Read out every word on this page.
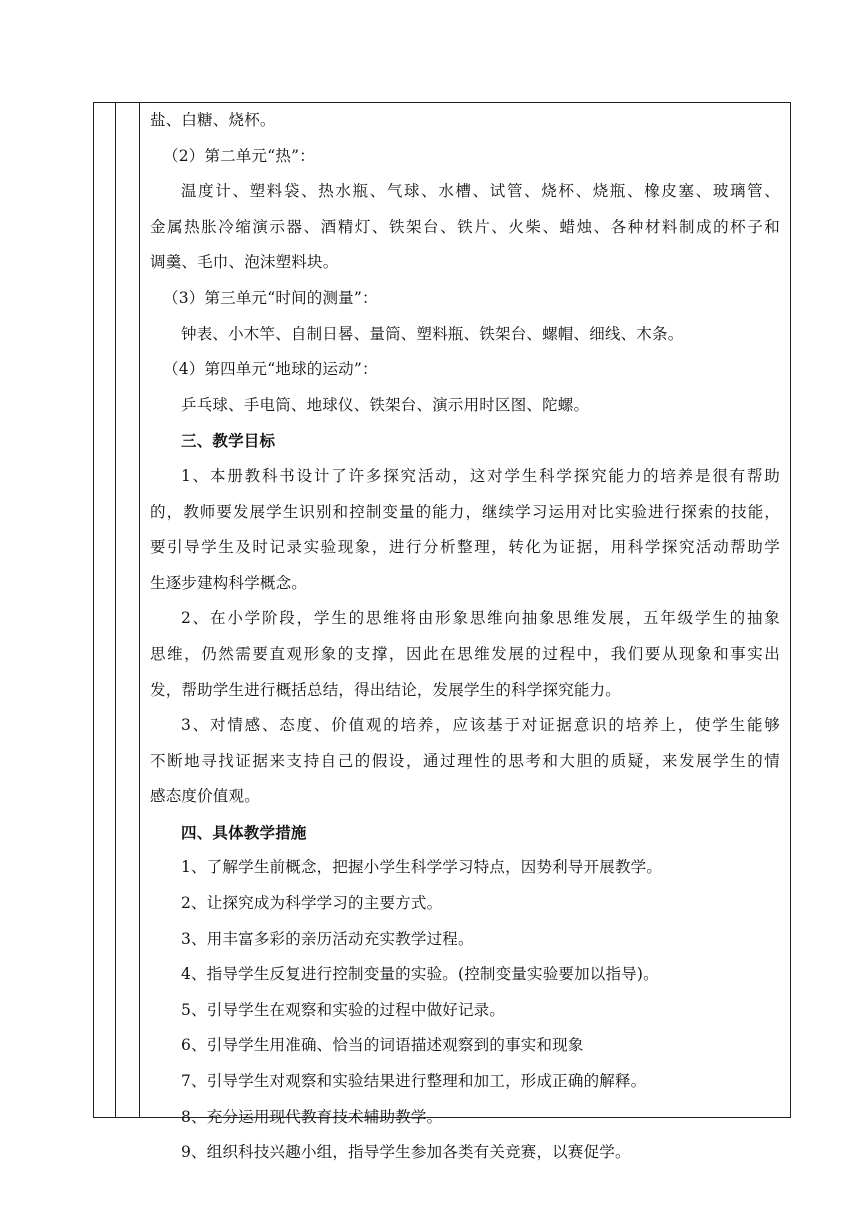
盐、白糖、烧杯。
（2）第二单元“热”：
温度计、塑料袋、热水瓶、气球、水槽、试管、烧杯、烧瓶、橡皮塞、玻璃管、
金属热胀冷缩演示器、酒精灯、铁架台、铁片、火柴、蜡烛、各种材料制成的杯子和
调羹、毛巾、泡沫塑料块。
（3）第三单元“时间的测量”：
钟表、小木竿、自制日晷、量筒、塑料瓶、铁架台、螺帽、细线、木条。
（4）第四单元“地球的运动”：
乒乓球、手电筒、地球仪、铁架台、演示用时区图、陀螺。
三、教学目标
1、本册教科书设计了许多探究活动，这对学生科学探究能力的培养是很有帮助
的，教师要发展学生识别和控制变量的能力，继续学习运用对比实验进行探索的技能，
要引导学生及时记录实验现象，进行分析整理，转化为证据，用科学探究活动帮助学
生逐步建构科学概念。
2、在小学阶段，学生的思维将由形象思维向抽象思维发展，五年级学生的抽象
思维，仍然需要直观形象的支撑，因此在思维发展的过程中，我们要从现象和事实出
发，帮助学生进行概括总结，得出结论，发展学生的科学探究能力。
3、对情感、态度、价值观的培养，应该基于对证据意识的培养上，使学生能够
不断地寻找证据来支持自己的假设，通过理性的思考和大胆的质疑，来发展学生的情
感态度价值观。
四、具体教学措施
1、了解学生前概念，把握小学生科学学习特点，因势利导开展教学。
2、让探究成为科学学习的主要方式。
3、用丰富多彩的亲历活动充实教学过程。
4、指导学生反复进行控制变量的实验。(控制变量实验要加以指导)。
5、引导学生在观察和实验的过程中做好记录。
6、引导学生用准确、恰当的词语描述观察到的事实和现象
7、引导学生对观察和实验结果进行整理和加工，形成正确的解释。
8、充分运用现代教育技术辅助教学。
9、组织科技兴趣小组，指导学生参加各类有关竞赛，以赛促学。
